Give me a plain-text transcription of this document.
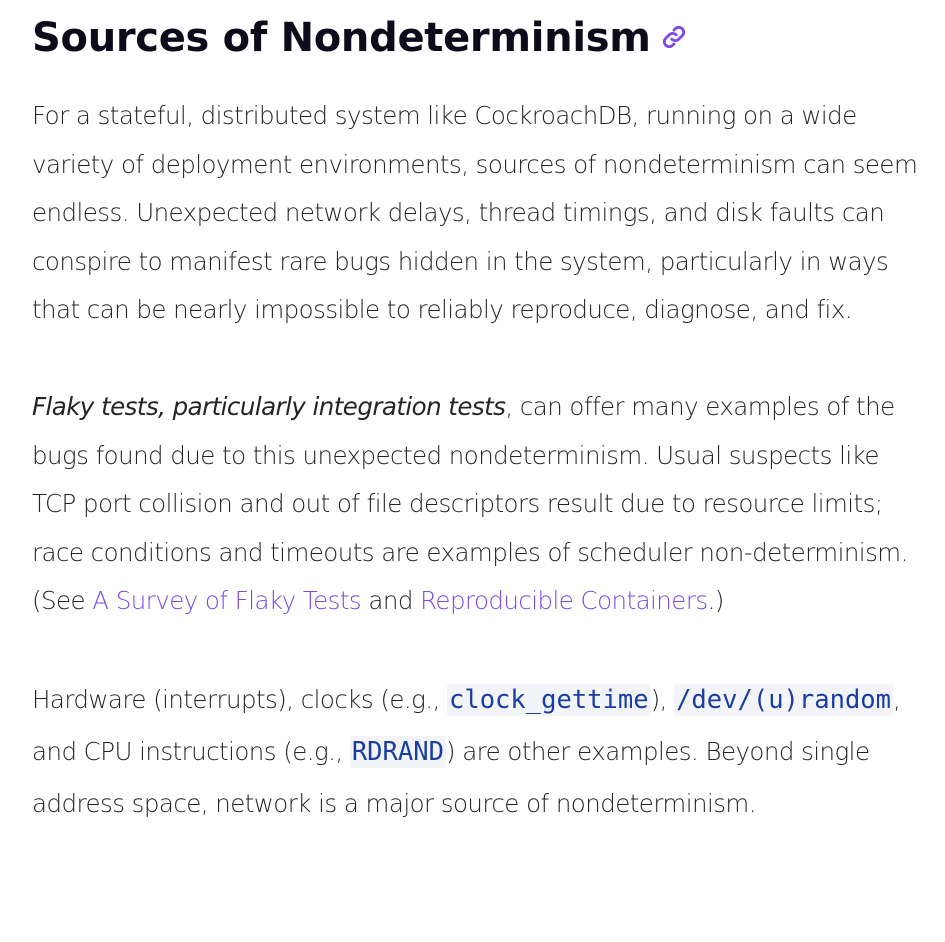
Sources of Nondeterminism

For a stateful, distributed system like CockroachDB, running on a wide variety of deployment environments, sources of nondeterminism can seem endless. Unexpected network delays, thread timings, and disk faults can conspire to manifest rare bugs hidden in the system, particularly in ways that can be nearly impossible to reliably reproduce, diagnose, and fix.

Flaky tests, particularly integration tests, can offer many examples of the bugs found due to this unexpected nondeterminism. Usual suspects like TCP port collision and out of file descriptors result due to resource limits; race conditions and timeouts are examples of scheduler non-determinism. (See A Survey of Flaky Tests and Reproducible Containers.)

Hardware (interrupts), clocks (e.g., clock_gettime), /dev/(u)random, and CPU instructions (e.g., RDRAND) are other examples. Beyond single address space, network is a major source of nondeterminism.
